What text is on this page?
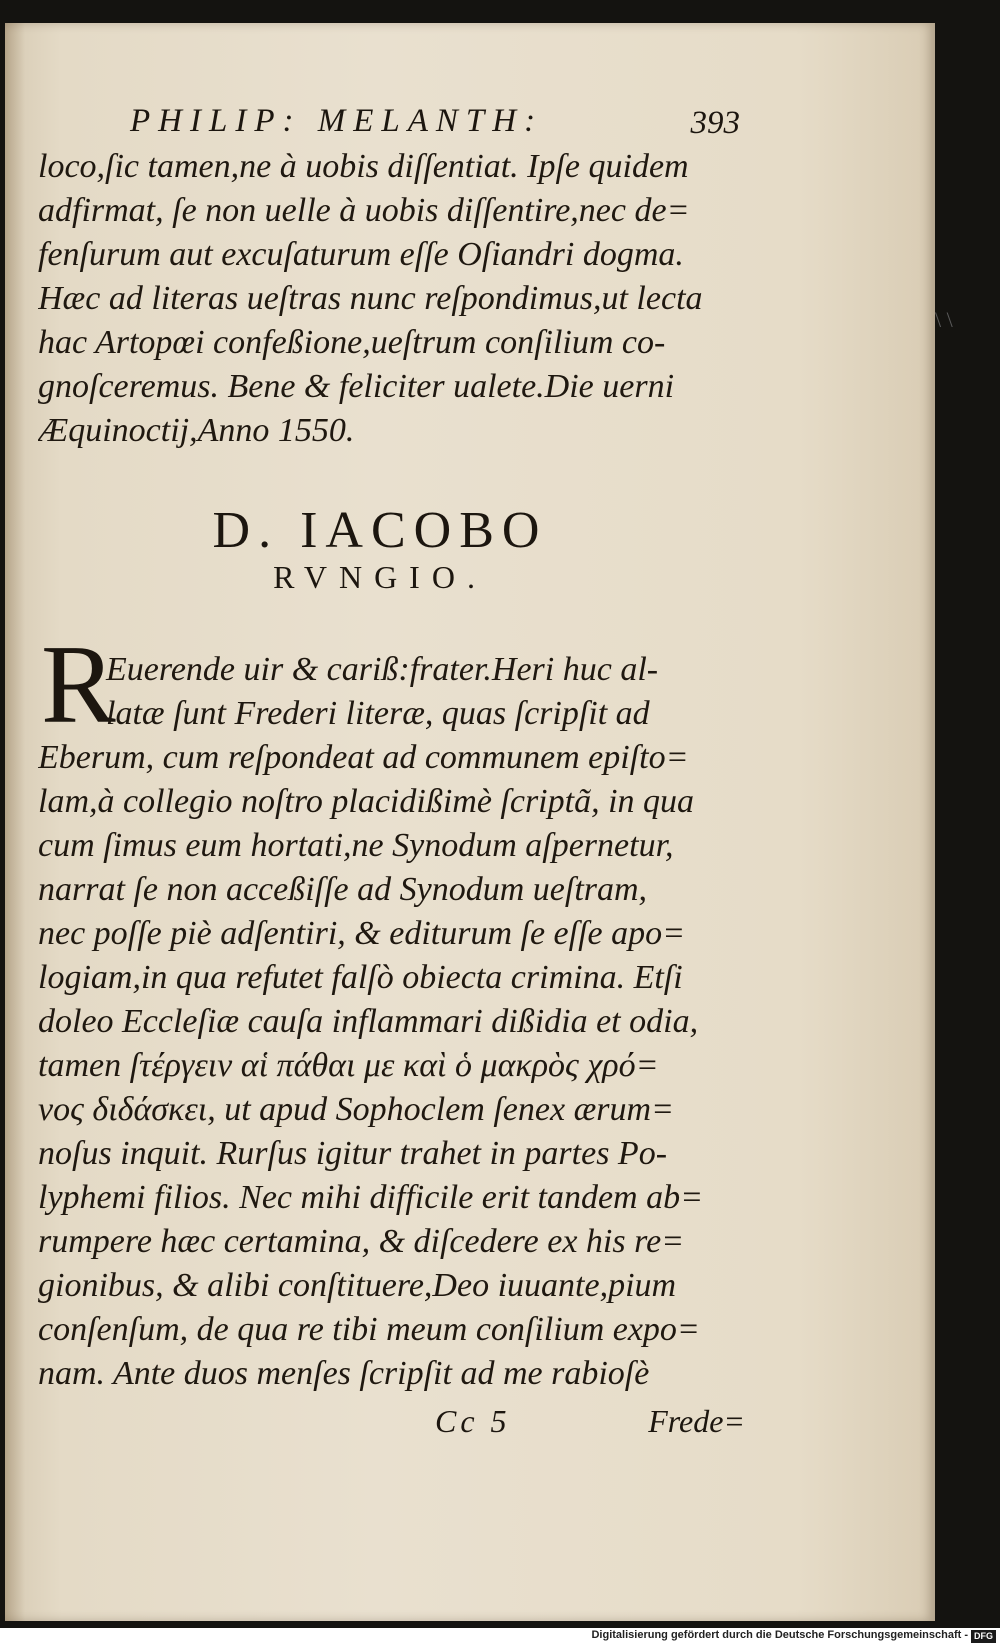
PHILIP: MELANTH:	393
loco,ſic tamen,ne à uobis diſſentiat. Ipſe quidem
adfirmat, ſe non uelle à uobis diſſentire,nec de=
fenſurum aut excuſaturum eſſe Oſiandri dogma.
Hæc ad literas ueſtras nunc reſpondimus,ut lecta
hac Artopœi confeßione,ueſtrum conſilium co-
gnoſceremus. Bene & feliciter ualete.Die uerni
Æquinoctij,Anno 1550.
D. IACOBO
RVNGIO.
R
Euerende uir & cariß:frater.Heri huc al-
latæ ſunt Frederi literæ, quas ſcripſit ad
Eberum, cum reſpondeat ad communem epiſto=
lam,à collegio noſtro placidißimè ſcriptã, in qua
cum ſimus eum hortati,ne Synodum aſpernetur,
narrat ſe non acceßiſſe ad Synodum ueſtram,
nec poſſe piè adſentiri, & editurum ſe eſſe apo=
logiam,in qua refutet falſò obiecta crimina. Etſi
doleo Eccleſiæ cauſa inflammari dißidia et odia,
tamen ſτέργειν αἱ πάθαι με καὶ ὁ μακρὸς χρό=
νος διδάσκει, ut apud Sophoclem ſenex ærum=
noſus inquit. Rurſus igitur trahet in partes Po-
lyphemi filios. Nec mihi difficile erit tandem ab=
rumpere hæc certamina, & diſcedere ex his re=
gionibus, & alibi conſtituere,Deo iuuante,pium
conſenſum, de qua re tibi meum conſilium expo=
nam. Ante duos menſes ſcripſit ad me rabioſè
Cc 5	Frede=
\ \
Digitalisierung gefördert durch die Deutsche Forschungsgemeinschaft - DFG
